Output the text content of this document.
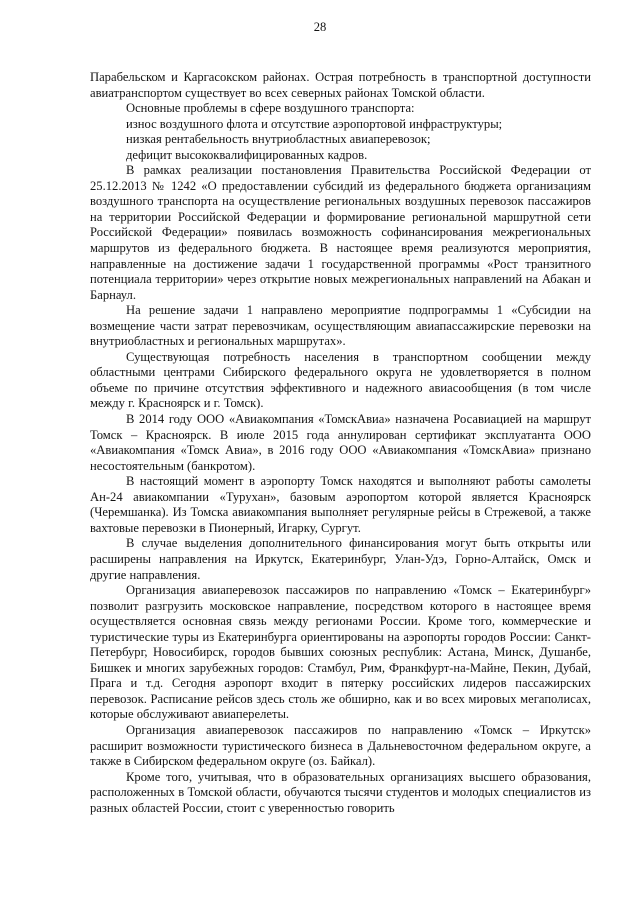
28

Парабельском и Каргасокском районах. Острая потребность в транспортной доступности авиатранспортом существует во всех северных районах Томской области.

Основные проблемы в сфере воздушного транспорта:

износ воздушного флота и отсутствие аэропортовой инфраструктуры;

низкая рентабельность внутриобластных авиаперевозок;

дефицит высококвалифицированных кадров.

В рамках реализации постановления Правительства Российской Федерации от 25.12.2013 № 1242 «О предоставлении субсидий из федерального бюджета организациям воздушного транспорта на осуществление региональных воздушных перевозок пассажиров на территории Российской Федерации и формирование региональной маршрутной сети Российской Федерации» появилась возможность софинансирования межрегиональных маршрутов из федерального бюджета. В настоящее время реализуются мероприятия, направленные на достижение задачи 1 государственной программы «Рост транзитного потенциала территории» через открытие новых межрегиональных направлений на Абакан и Барнаул.

На решение задачи 1 направлено мероприятие подпрограммы 1 «Субсидии на возмещение части затрат перевозчикам, осуществляющим авиапассажирские перевозки на внутриобластных и региональных маршрутах».

Существующая потребность населения в транспортном сообщении между областными центрами Сибирского федерального округа не удовлетворяется в полном объеме по причине отсутствия эффективного и надежного авиасообщения (в том числе между г. Красноярск и г. Томск).

В 2014 году ООО «Авиакомпания «ТомскАвиа» назначена Росавиацией на маршрут Томск – Красноярск. В июле 2015 года аннулирован сертификат эксплуатанта ООО «Авиакомпания «Томск Авиа», в 2016 году ООО «Авиакомпания «ТомскАвиа» признано несостоятельным (банкротом).

В настоящий момент в аэропорту Томск находятся и выполняют работы самолеты Ан-24 авиакомпании «Турухан», базовым аэропортом которой является Красноярск (Черемшанка). Из Томска авиакомпания выполняет регулярные рейсы в Стрежевой, а также вахтовые перевозки в Пионерный, Игарку, Сургут.

В случае выделения дополнительного финансирования могут быть открыты или расширены направления на Иркутск, Екатеринбург, Улан-Удэ, Горно-Алтайск, Омск и другие направления.

Организация авиаперевозок пассажиров по направлению «Томск – Екатеринбург» позволит разгрузить московское направление, посредством которого в настоящее время осуществляется основная связь между регионами России. Кроме того, коммерческие и туристические туры из Екатеринбурга ориентированы на аэропорты городов России: Санкт-Петербург, Новосибирск, городов бывших союзных республик: Астана, Минск, Душанбе, Бишкек и многих зарубежных городов: Стамбул, Рим, Франкфурт-на-Майне, Пекин, Дубай, Прага и т.д. Сегодня аэропорт входит в пятерку российских лидеров пассажирских перевозок. Расписание рейсов здесь столь же обширно, как и во всех мировых мегаполисах, которые обслуживают авиаперелеты.

Организация авиаперевозок пассажиров по направлению «Томск – Иркутск» расширит возможности туристического бизнеса в Дальневосточном федеральном округе, а также в Сибирском федеральном округе (оз. Байкал).

Кроме того, учитывая, что в образовательных организациях высшего образования, расположенных в Томской области, обучаются тысячи студентов и молодых специалистов из разных областей России, стоит с уверенностью говорить
